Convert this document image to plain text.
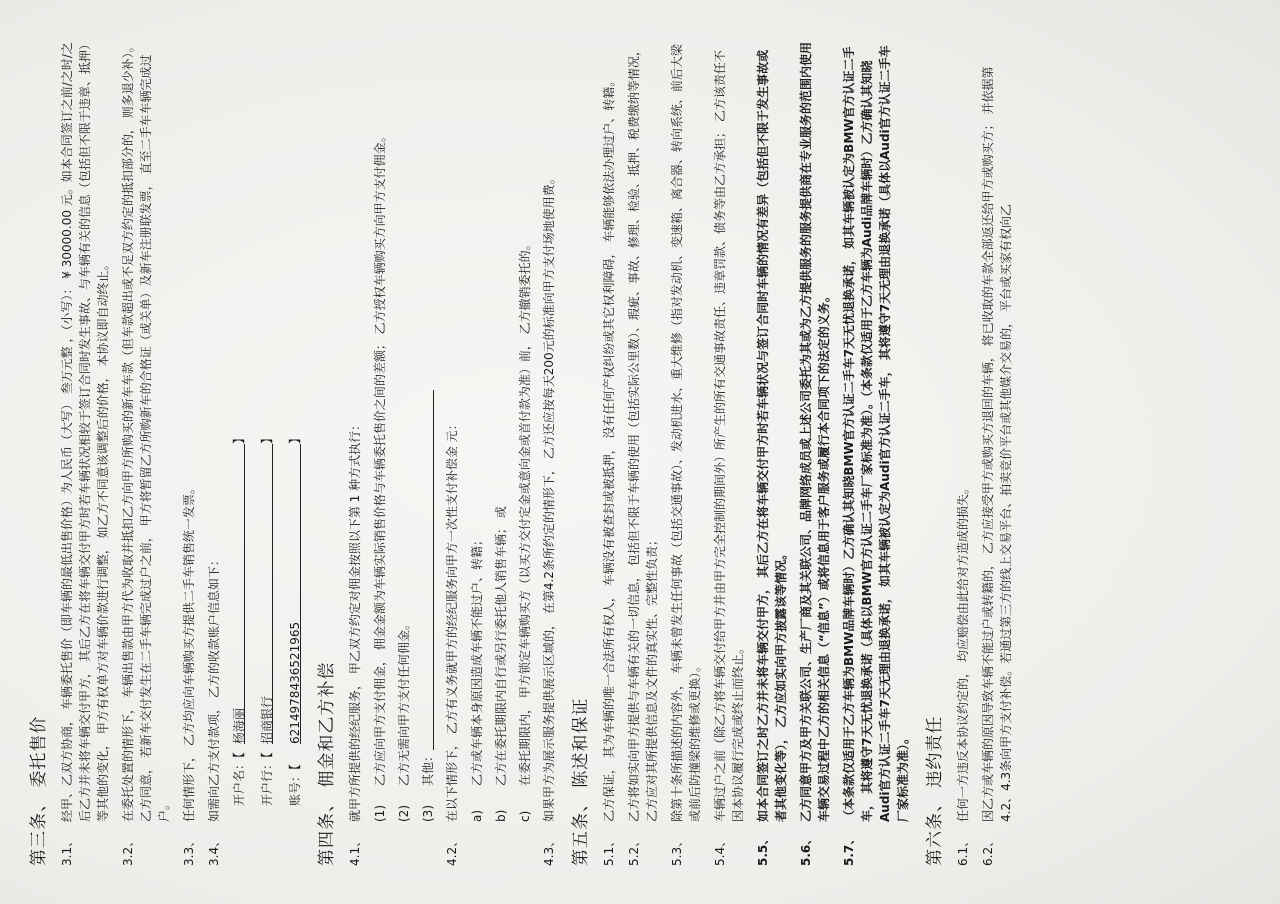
第三条、 委托售价 3.1、
经甲、乙双方协商， 车辆委托售价（即车辆的最低出售价格）为人民币（大写） 叁万元整 ，（小写）： ¥ 30000.00 元。如本合同签订之前/之时/之后乙方并未将车辆交付甲方， 其后乙方在将车辆交付甲方时若车辆状况相较于签订合同时发生事故、与车辆有关的信息（包括但不限于违章、抵押）等其他的变化， 甲方有权单方对车辆价款进行调整， 如乙方不同意该调整后的价格， 本协议即自动终止。
3.2、
在委托处置的情形下， 车辆出售款由甲方代为收取并抵扣乙方向甲方所购买的新车车款（但车款超出或不足双方约定的抵扣部分的， 则多退少补）。乙方同意， 若新车交付发生在二手车辆完成过户之前， 甲方将暂留乙方所购新车的合格证（或关单）及新车注册联发票， 直至二手车车辆完成过户。
3.3、
任何情形下， 乙方均应向车辆购买方提供二手车销售统一发票。
3.4、
如需向乙方支付款项， 乙方的收款账户信息如下： 开户名：【
杨海丽
】
开户行：【
招商银行
】
账号：【
6214978436521965
】
第四条、 佣金和乙方补偿 4.1、
就甲方所提供的经纪服务， 甲乙双方约定对佣金按照以下第 1 种方式执行： (1)
乙方应向甲方支付佣金， 佣金金额为车辆实际销售价格与车辆委托售价之间的差额； 乙方授权车辆购买方向甲方支付佣金。
(2)
乙方无需向甲方支付任何佣金。
(3)
其他：
4.2、
在以下情形下， 乙方有义务就甲方的经纪服务向甲方一次性支付补偿金 元： a)
乙方或车辆本身原因造成车辆不能过户、转籍；
b)
乙方在委托期限内自行或另行委托他人销售车辆； 或
c)
在委托期限内， 甲方锁定车辆购买方（以买方交付定金或意向金或首付款为准）前， 乙方撤销委托的。
4.3、
如果甲方为展示服务提供展示区域的， 在第4.2条所约定的情形下， 乙方还应按每天200元的标准向甲方支付场地使用费。 第五条、 陈述和保证 5.1、
乙方保证， 其为车辆的唯一合法所有权人， 车辆没有被查封或被抵押， 没有任何产权纠纷或其它权利障碍， 车辆能够依法办理过户、转籍。
5.2、
乙方将如实向甲方提供与车辆有关的一切信息， 包括但不限于车辆的使用（包括实际公里数）、瑕疵、事故、修理、检验、抵押、税费缴纳等情况， 乙方应对其所提供信息及文件的真实性、完整性负责；
5.3、
除第十条所描述的内容外， 车辆未曾发生任何事故（包括交通事故）、发动机进水、重大维修（指对发动机、变速箱、离合器、转向系统、前后大梁或前后防撞梁的维修或更换）。
5.4、
车辆过户之前（除乙方将车辆交付给甲方并由甲方完全控制的期间外）所产生的所有交通事故责任、违章罚款、债务等由乙方承担； 乙方该责任不因本协议履行完成或终止而终止。
5.5、
如本合同签订之时乙方并未将车辆交付甲方， 其后乙方在将车辆交付甲方时若车辆状况与签订合同时车辆的情况有差异（包括但不限于发生事故或者其他变化等）， 乙方应如实向甲方披露该等情况。
5.6、
乙方同意甲方及甲方关联公司、生产厂商及其关联公司、品牌网络成员或上述公司委托为其或为乙方提供服务的服务提供商在专业服务的范围内使用车辆交易过程中乙方的相关信息（“信息”）或将信息用于客户服务或履行本合同项下的法定的义务。
5.7、
（本条款仅适用于乙方车辆为BMW品牌车辆时）乙方确认其知晓BMW官方认证二手车7天无忧退换承诺， 如其车辆被认定为BMW官方认证二手车， 其将遵守7天无忧退换承诺（具体以BMW官方认证二手车厂家标准为准）。（本条款仅适用于乙方车辆为Audi品牌车辆时）乙方确认其知晓Audi官方认证二手车7天无理由退换承诺， 如其车辆被认定为Audi官方认证二手车， 其将遵守7天无理由退换承诺（具体以Audi官方认证二手车厂家标准为准）。 第六条、 违约责任 6.1、
任何一方违反本协议约定的， 均应赔偿由此给对方造成的损失。
6.2、
因乙方或车辆的原因导致车辆不能过户或转籍的， 乙方应接受甲方或购买方退回的车辆， 将已收取的车款全部返还给甲方或购买方； 并依据第4.2、4.3条向甲方支付补偿。若通过第三方的线上交易平台、拍卖竞价平台或其他媒介交易的， 平台或买家有权向乙
